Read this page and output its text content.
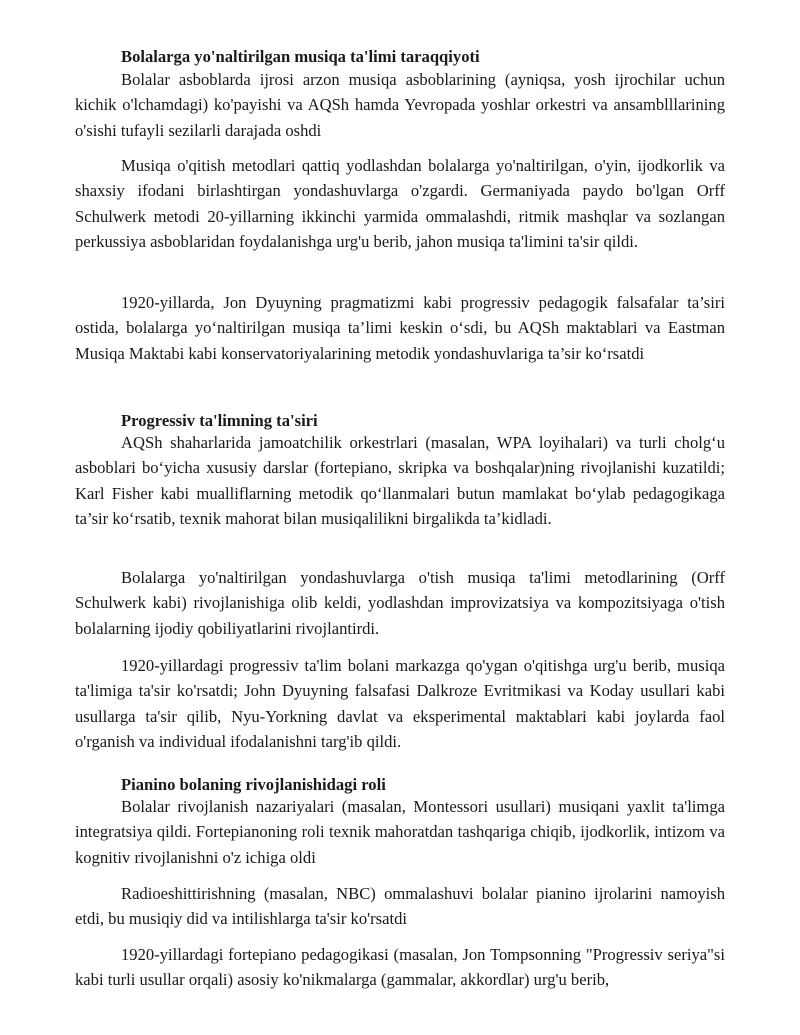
Bolalarga yo'naltirilgan musiqa ta'limi taraqqiyoti

Bolalar asboblarda ijrosi arzon musiqa asboblarining (ayniqsa, yosh ijrochilar uchun kichik o'lchamdagi) ko'payishi va AQSh hamda Yevropada yoshlar orkestri va ansamblllarining o'sishi tufayli sezilarli darajada oshdi

Musiqa o'qitish metodlari qattiq yodlashdan bolalarga yo'naltirilgan, o'yin, ijodkorlik va shaxsiy ifodani birlashtirgan yondashuvlarga o'zgardi. Germaniyada paydo bo'lgan Orff Schulwerk metodi 20-yillarning ikkinchi yarmida ommalashdi, ritmik mashqlar va sozlangan perkussiya asboblaridan foydalanishga urg'u berib, jahon musiqa ta'limini ta'sir qildi.

1920-yillarda, Jon Dyuyning pragmatizmi kabi progressiv pedagogik falsafalar ta’siri ostida, bolalarga yo‘naltirilgan musiqa ta’limi keskin o‘sdi, bu AQSh maktablari va Eastman Musiqa Maktabi kabi konservatoriyalarining metodik yondashuvlariga ta’sir ko‘rsatdi

Progressiv ta'limning ta'siri

AQSh shaharlarida jamoatchilik orkestrlari (masalan, WPA loyihalari) va turli cholg‘u asboblari bo‘yicha xususiy darslar (fortepiano, skripka va boshqalar)ning rivojlanishi kuzatildi; Karl Fisher kabi mualliflarning metodik qo‘llanmalari butun mamlakat bo‘ylab pedagogikaga ta’sir ko‘rsatib, texnik mahorat bilan musiqalilikni birgalikda ta’kidladi.

Bolalarga yo'naltirilgan yondashuvlarga o'tish musiqa ta'limi metodlarining (Orff Schulwerk kabi) rivojlanishiga olib keldi, yodlashdan improvizatsiya va kompozitsiyaga o'tish bolalarning ijodiy qobiliyatlarini rivojlantirdi.

1920-yillardagi progressiv ta'lim bolani markazga qo'ygan o'qitishga urg'u berib, musiqa ta'limiga ta'sir ko'rsatdi; John Dyuyning falsafasi Dalkroze Evritmikasi va Koday usullari kabi usullarga ta'sir qilib, Nyu-Yorkning davlat va eksperimental maktablari kabi joylarda faol o'rganish va individual ifodalanishni targ'ib qildi.

Pianino bolaning rivojlanishidagi roli

Bolalar rivojlanish nazariyalari (masalan, Montessori usullari) musiqani yaxlit ta'limga integratsiya qildi. Fortepianoning roli texnik mahoratdan tashqariga chiqib, ijodkorlik, intizom va kognitiv rivojlanishni o'z ichiga oldi

Radioeshittirishning (masalan, NBC) ommalashuvi bolalar pianino ijrolarini namoyish etdi, bu musiqiy did va intilishlarga ta'sir ko'rsatdi

1920-yillardagi fortepiano pedagogikasi (masalan, Jon Tompsonning "Progressiv seriya"si kabi turli usullar orqali) asosiy ko'nikmalarga (gammalar, akkordlar) urg'u berib,
